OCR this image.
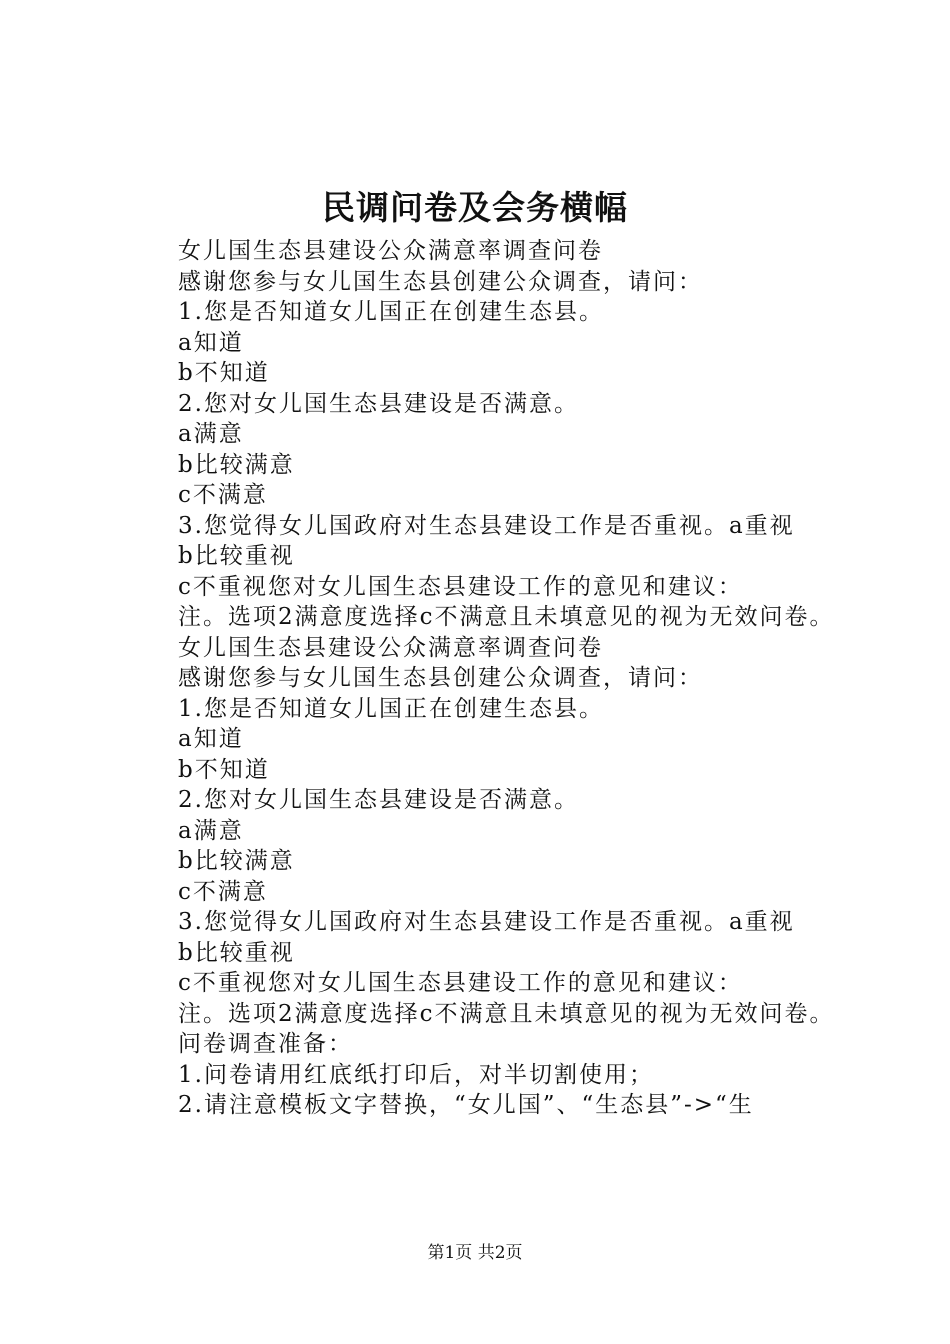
民调问卷及会务横幅

女儿国生态县建设公众满意率调查问卷

感谢您参与女儿国生态县创建公众调查，请问：

1.您是否知道女儿国正在创建生态县。

a知道

b不知道

2.您对女儿国生态县建设是否满意。

a满意

b比较满意

c不满意

3.您觉得女儿国政府对生态县建设工作是否重视。a重视

b比较重视

c不重视您对女儿国生态县建设工作的意见和建议：

注。选项2满意度选择c不满意且未填意见的视为无效问卷。

女儿国生态县建设公众满意率调查问卷

感谢您参与女儿国生态县创建公众调查，请问：

1.您是否知道女儿国正在创建生态县。

a知道

b不知道

2.您对女儿国生态县建设是否满意。

a满意

b比较满意

c不满意

3.您觉得女儿国政府对生态县建设工作是否重视。a重视

b比较重视

c不重视您对女儿国生态县建设工作的意见和建议：

注。选项2满意度选择c不满意且未填意见的视为无效问卷。

问卷调查准备：

1.问卷请用红底纸打印后，对半切割使用；

2.请注意模板文字替换，“女儿国”、“生态县”->“生

第1页 共2页
